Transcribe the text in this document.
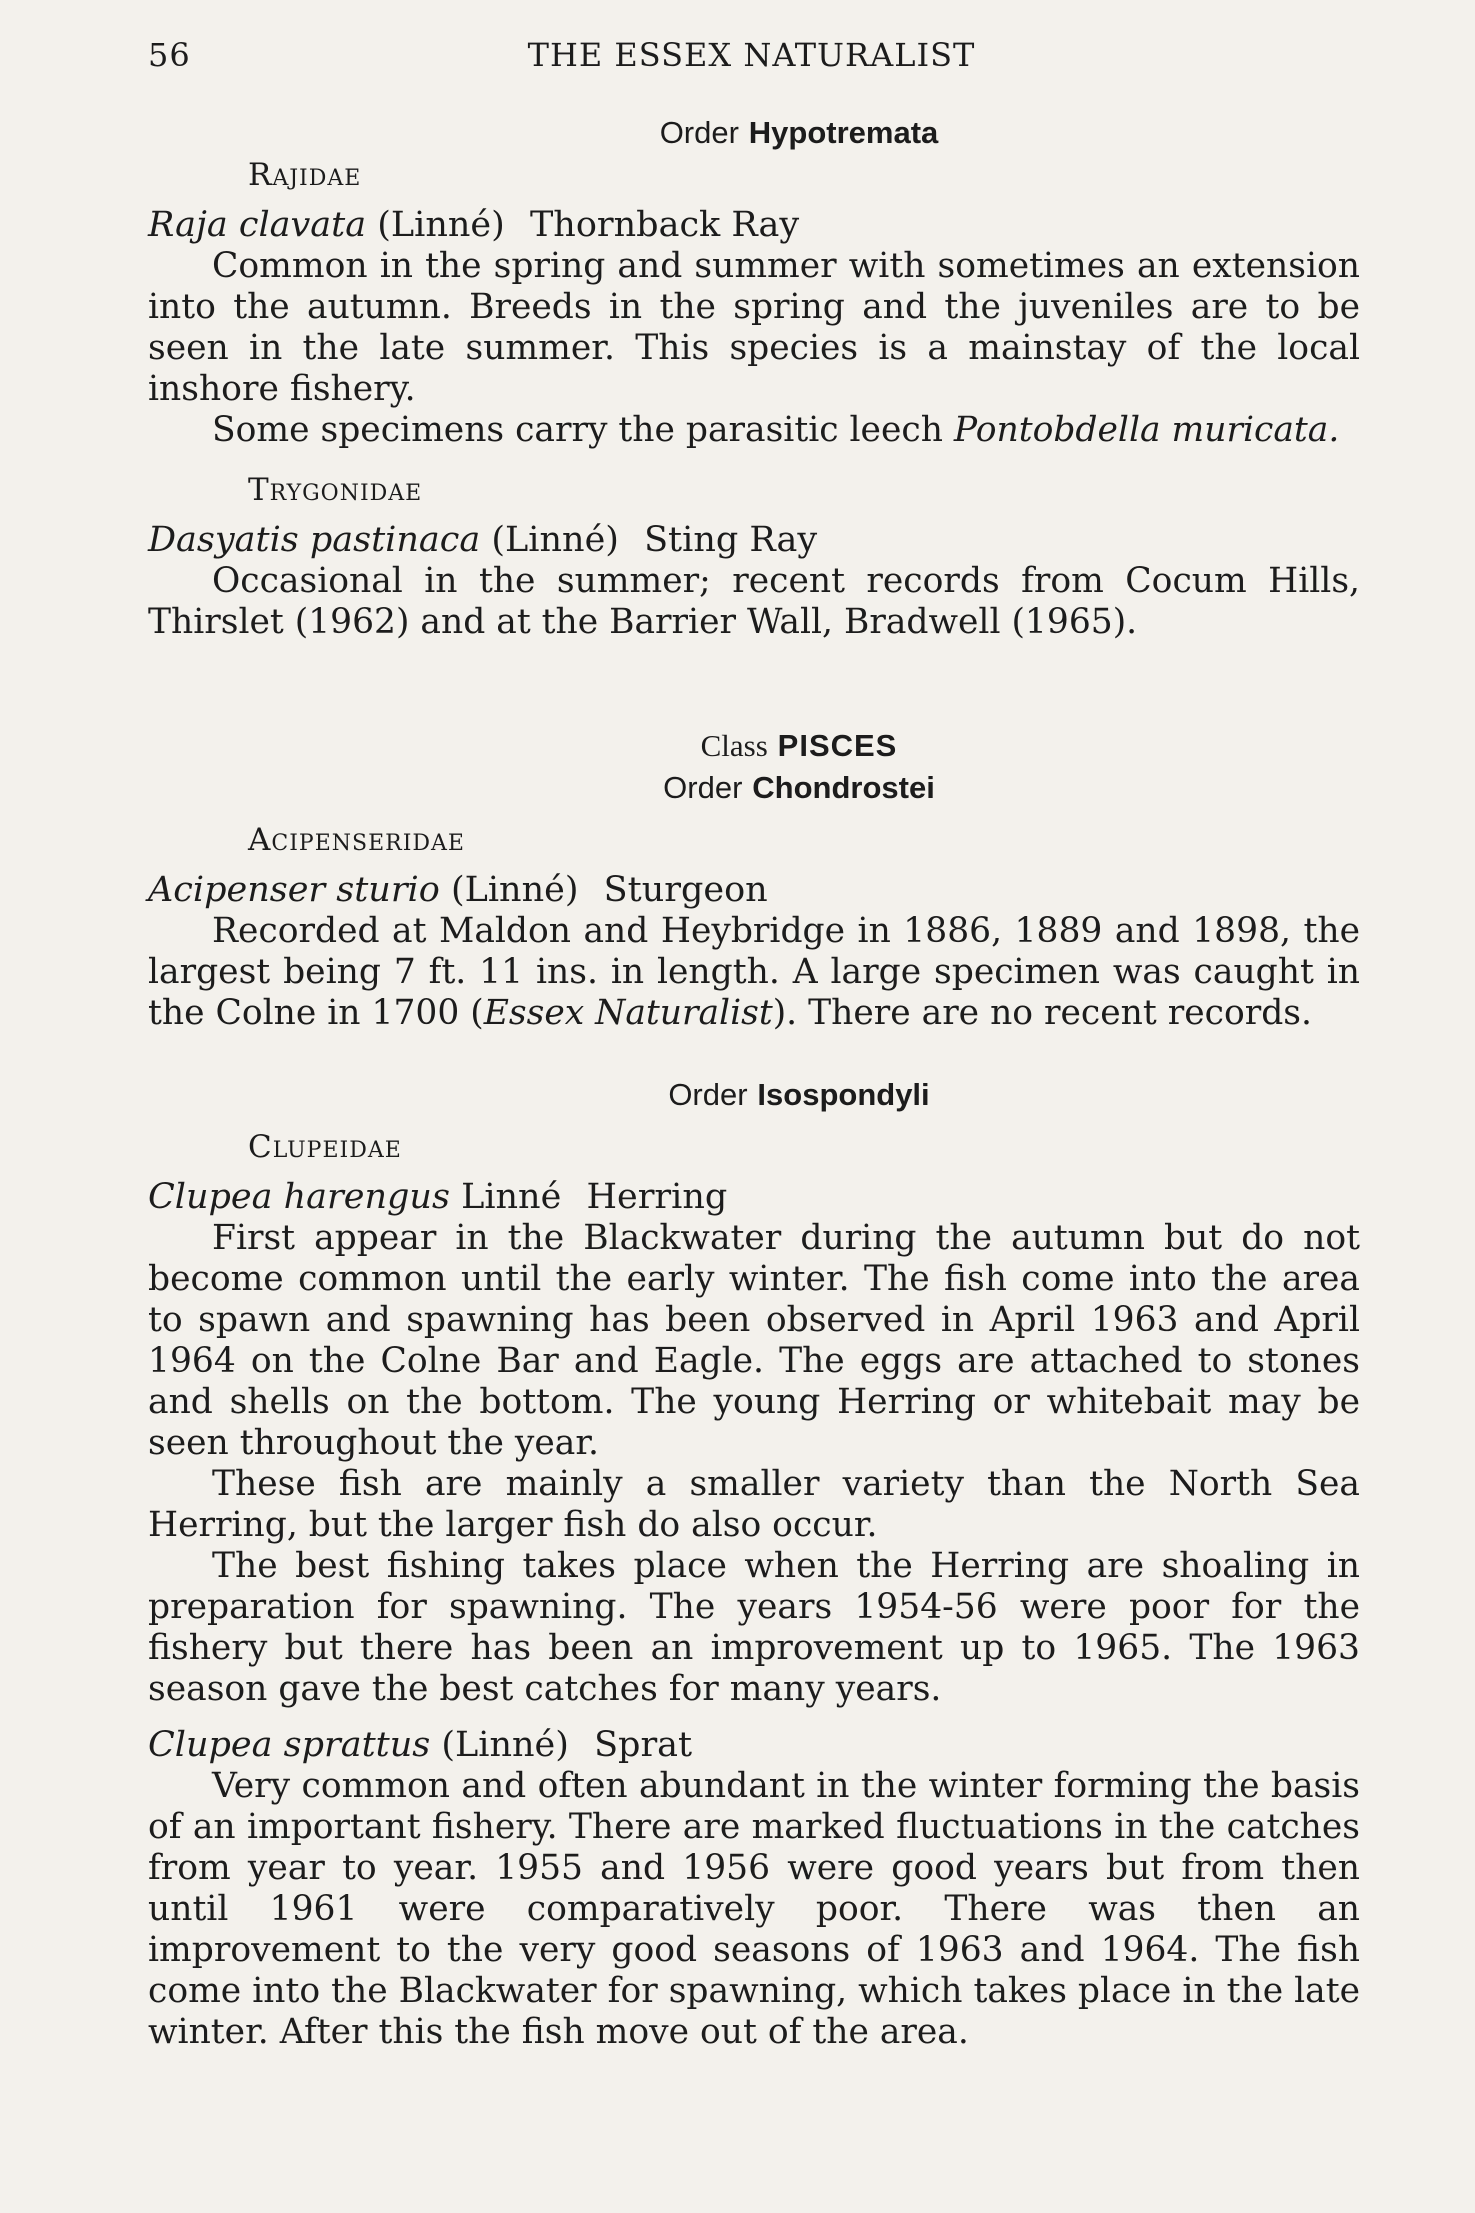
56	THE ESSEX NATURALIST
Order Hypotremata
Rajidae
Raja clavata (Linné) Thornback Ray

Common in the spring and summer with sometimes an extension into the autumn. Breeds in the spring and the juveniles are to be seen in the late summer. This species is a mainstay of the local inshore fishery.

Some specimens carry the parasitic leech Pontobdella muricata.

Trygonidae
Dasyatis pastinaca (Linné) Sting Ray

Occasional in the summer; recent records from Cocum Hills, Thirslet (1962) and at the Barrier Wall, Bradwell (1965).

Class PISCES
Order Chondrostei
Acipenseridae
Acipenser sturio (Linné) Sturgeon

Recorded at Maldon and Heybridge in 1886, 1889 and 1898, the largest being 7 ft. 11 ins. in length. A large specimen was caught in the Colne in 1700 (Essex Naturalist). There are no recent records.

Order Isospondyli
Clupeidae
Clupea harengus Linné Herring

First appear in the Blackwater during the autumn but do not become common until the early winter. The fish come into the area to spawn and spawning has been observed in April 1963 and April 1964 on the Colne Bar and Eagle. The eggs are attached to stones and shells on the bottom. The young Herring or whitebait may be seen throughout the year.

These fish are mainly a smaller variety than the North Sea Herring, but the larger fish do also occur.

The best fishing takes place when the Herring are shoaling in preparation for spawning. The years 1954-56 were poor for the fishery but there has been an improvement up to 1965. The 1963 season gave the best catches for many years.

Clupea sprattus (Linné) Sprat

Very common and often abundant in the winter forming the basis of an important fishery. There are marked fluctuations in the catches from year to year. 1955 and 1956 were good years but from then until 1961 were comparatively poor. There was then an improvement to the very good seasons of 1963 and 1964. The fish come into the Blackwater for spawning, which takes place in the late winter. After this the fish move out of the area.
